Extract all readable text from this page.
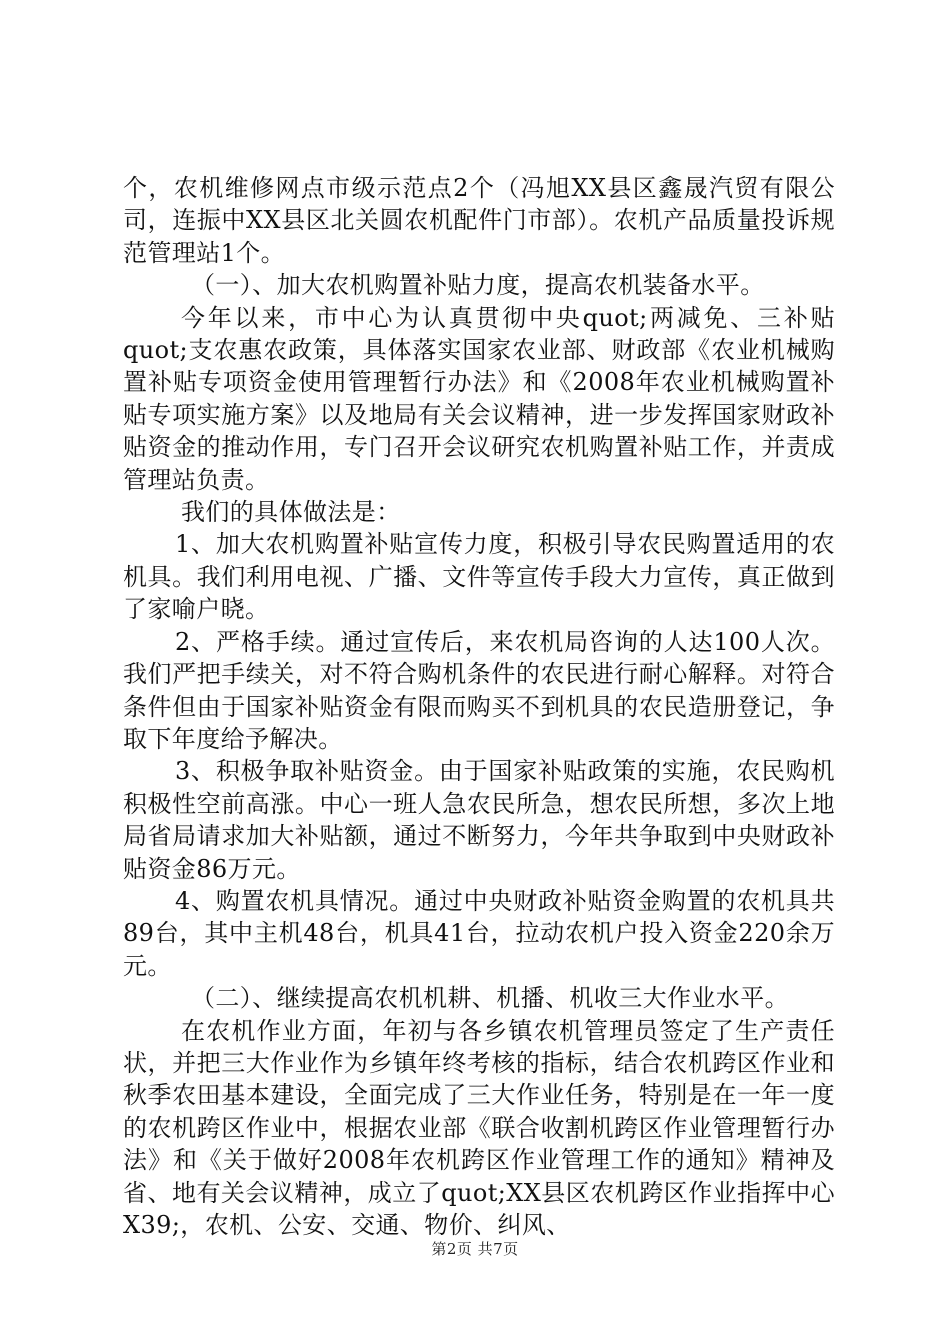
个，农机维修网点市级示范点2个（冯旭XX县区鑫晟汽贸有限公司，连振中XX县区北关圆农机配件门市部）。农机产品质量投诉规范管理站1个。

（一）、加大农机购置补贴力度，提高农机装备水平。

今年以来，市中心为认真贯彻中央quot;两减免、三补贴quot;支农惠农政策，具体落实国家农业部、财政部《农业机械购置补贴专项资金使用管理暂行办法》和《2008年农业机械购置补贴专项实施方案》以及地局有关会议精神，进一步发挥国家财政补贴资金的推动作用，专门召开会议研究农机购置补贴工作，并责成管理站负责。

我们的具体做法是：

1、加大农机购置补贴宣传力度，积极引导农民购置适用的农机具。我们利用电视、广播、文件等宣传手段大力宣传，真正做到了家喻户晓。

2、严格手续。通过宣传后，来农机局咨询的人达100人次。我们严把手续关，对不符合购机条件的农民进行耐心解释。对符合条件但由于国家补贴资金有限而购买不到机具的农民造册登记，争取下年度给予解决。

3、积极争取补贴资金。由于国家补贴政策的实施，农民购机积极性空前高涨。中心一班人急农民所急，想农民所想，多次上地局省局请求加大补贴额，通过不断努力，今年共争取到中央财政补贴资金86万元。

4、购置农机具情况。通过中央财政补贴资金购置的农机具共89台，其中主机48台，机具41台，拉动农机户投入资金220余万元。

（二）、继续提高农机机耕、机播、机收三大作业水平。

在农机作业方面，年初与各乡镇农机管理员签定了生产责任状，并把三大作业作为乡镇年终考核的指标，结合农机跨区作业和秋季农田基本建设，全面完成了三大作业任务，特别是在一年一度的农机跨区作业中，根据农业部《联合收割机跨区作业管理暂行办法》和《关于做好2008年农机跨区作业管理工作的通知》精神及省、地有关会议精神，成立了quot;XX县区农机跨区作业指挥中心X39;，农机、公安、交通、物价、纠风、

第2页 共7页
